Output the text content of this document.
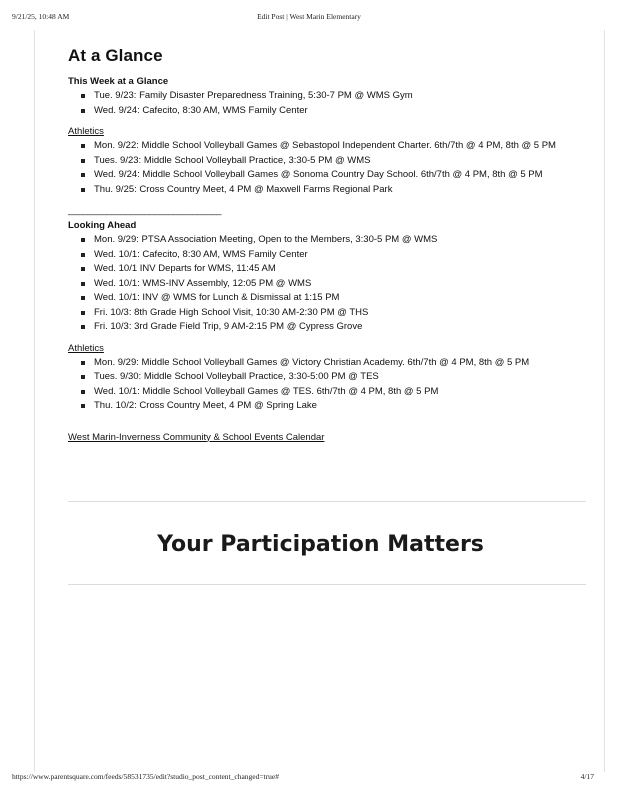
9/21/25, 10:48 AM	Edit Post | West Marin Elementary
At a Glance
This Week at a Glance
Tue. 9/23: Family Disaster Preparedness Training, 5:30-7 PM @ WMS Gym
Wed. 9/24: Cafecito, 8:30 AM, WMS Family Center
Athletics
Mon. 9/22: Middle School Volleyball Games @ Sebastopol Independent Charter. 6th/7th @ 4 PM, 8th @ 5 PM
Tues. 9/23: Middle School Volleyball Practice, 3:30-5 PM @ WMS
Wed. 9/24: Middle School Volleyball Games @ Sonoma Country Day School. 6th/7th @ 4 PM, 8th @ 5 PM
Thu. 9/25: Cross Country Meet, 4 PM @ Maxwell Farms Regional Park
________________________________
Looking Ahead
Mon. 9/29: PTSA Association Meeting, Open to the Members, 3:30-5 PM @ WMS
Wed. 10/1: Cafecito, 8:30 AM, WMS Family Center
Wed. 10/1 INV Departs for WMS, 11:45 AM
Wed. 10/1: WMS-INV Assembly, 12:05 PM @ WMS
Wed. 10/1: INV @ WMS for Lunch & Dismissal at 1:15 PM
Fri. 10/3: 8th Grade High School Visit, 10:30 AM-2:30 PM @ THS
Fri. 10/3: 3rd Grade Field Trip, 9 AM-2:15 PM @ Cypress Grove
Athletics
Mon. 9/29: Middle School Volleyball Games @ Victory Christian Academy. 6th/7th @ 4 PM, 8th @ 5 PM
Tues. 9/30: Middle School Volleyball Practice, 3:30-5:00 PM @ TES
Wed. 10/1: Middle School Volleyball Games @ TES. 6th/7th @ 4 PM, 8th @ 5 PM
Thu. 10/2: Cross Country Meet, 4 PM @ Spring Lake
West Marin-Inverness Community & School Events Calendar
Your Participation Matters
https://www.parentsquare.com/feeds/58531735/edit?studio_post_content_changed=true#	4/17
